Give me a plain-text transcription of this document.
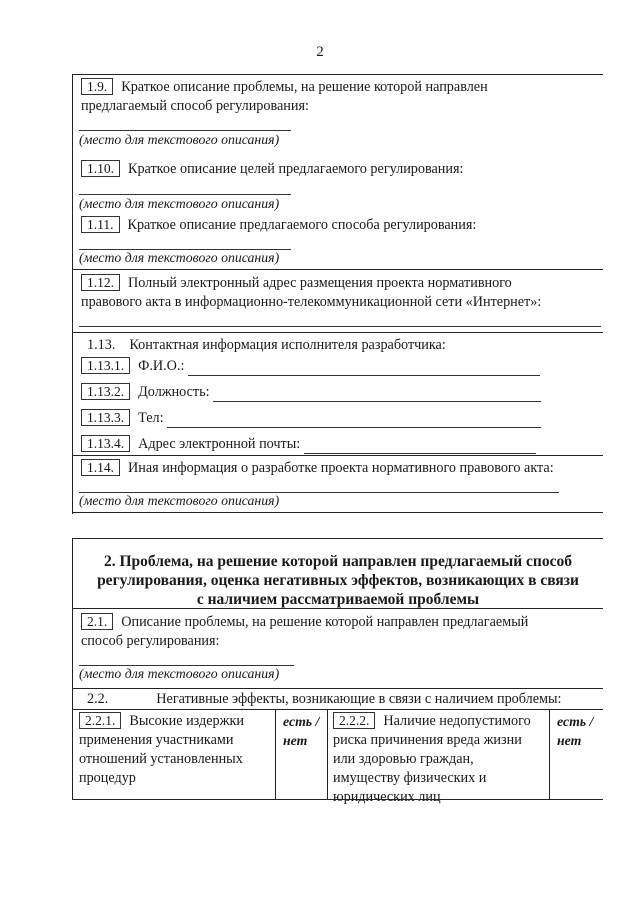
2
1.9. Краткое описание проблемы, на решение которой направлен
предлагаемый способ регулирования:
(место для текстового описания)
1.10. Краткое описание целей предлагаемого регулирования:
(место для текстового описания)
1.11. Краткое описание предлагаемого способа регулирования:
(место для текстового описания)
1.12. Полный электронный адрес размещения проекта нормативного
правового акта в информационно-телекоммуникационной сети «Интернет»:
1.13. Контактная информация исполнителя разработчика:
1.13.1. Ф.И.О.:
1.13.2. Должность:
1.13.3. Тел:
1.13.4. Адрес электронной почты:
1.14. Иная информация о разработке проекта нормативного правового акта:
(место для текстового описания)
2. Проблема, на решение которой направлен предлагаемый способ
регулирования, оценка негативных эффектов, возникающих в связи
с наличием рассматриваемой проблемы
2.1. Описание проблемы, на решение которой направлен предлагаемый
способ регулирования:
(место для текстового описания)
2.2.	Негативные эффекты, возникающие в связи с наличием проблемы:
2.2.1. Высокие издержки
применения участниками
отношений установленных
процедур
есть /
нет
2.2.2. Наличие недопустимого
риска причинения вреда жизни
или здоровью граждан,
имуществу физических и
юридических лиц
есть /
нет
